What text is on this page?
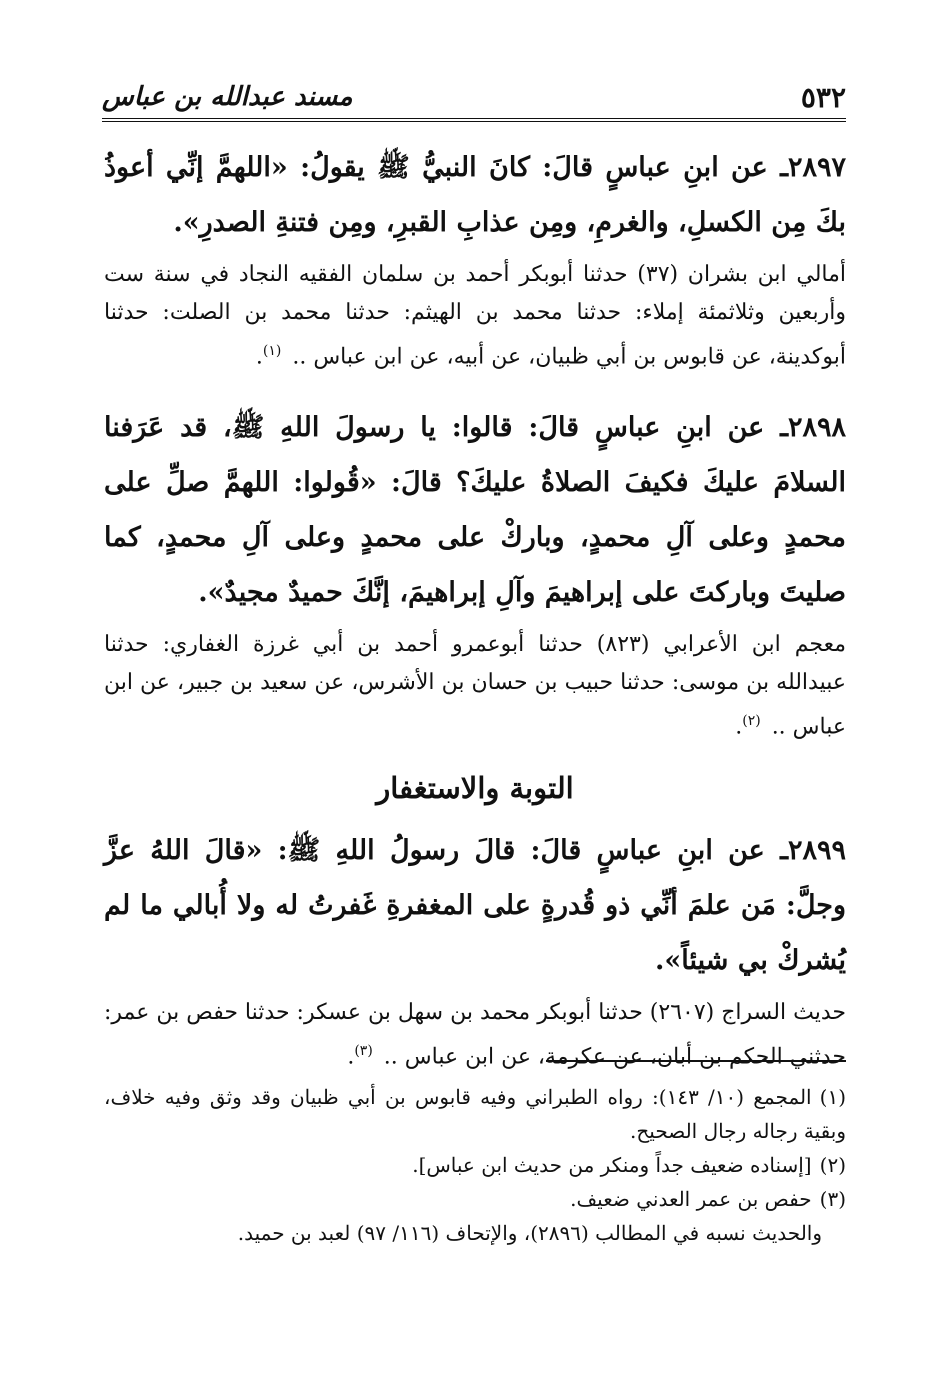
٥٣٢
مسند عبدالله بن عباس

٢٨٩٧ـ عن ابنِ عباسٍ قالَ: كانَ النبيُّ ﷺ يقولُ: «اللهمَّ إنِّي أعوذُ بكَ مِن الكسلِ، والغرمِ، ومِن عذابِ القبرِ، ومِن فتنةِ الصدرِ».

أمالي ابن بشران (٣٧) حدثنا أبوبكر أحمد بن سلمان الفقيه النجاد في سنة ست وأربعين وثلاثمئة إملاء: حدثنا محمد بن الهيثم: حدثنا محمد بن الصلت: حدثنا أبوكدينة، عن قابوس بن أبي ظبيان، عن أبيه، عن ابن عباس .. $^{(١)}$.

٢٨٩٨ـ عن ابنِ عباسٍ قالَ: قالوا: يا رسولَ اللهِ ﷺ، قد عَرَفنا السلامَ عليكَ فكيفَ الصلاةُ عليكَ؟ قالَ: «قُولوا: اللهمَّ صلِّ على محمدٍ وعلى آلِ محمدٍ، وباركْ على محمدٍ وعلى آلِ محمدٍ، كما صليتَ وباركتَ على إبراهيمَ وآلِ إبراهيمَ، إنَّكَ حميدٌ مجيدٌ».

معجم ابن الأعرابي (٨٢٣) حدثنا أبوعمرو أحمد بن أبي غرزة الغفاري: حدثنا عبيدالله بن موسى: حدثنا حبيب بن حسان بن الأشرس، عن سعيد بن جبير، عن ابن عباس .. $^{(٢)}$.

التوبة والاستغفار

٢٨٩٩ـ عن ابنِ عباسٍ قالَ: قالَ رسولُ اللهِ ﷺ: «قالَ اللهُ عزَّ وجلَّ: مَن علمَ أنِّي ذو قُدرةٍ على المغفرةِ غَفرتُ له ولا أُبالي ما لم يُشركْ بي شيئاً».

حديث السراج (٢٦٠٧) حدثنا أبوبكر محمد بن سهل بن عسكر: حدثنا حفص بن عمر: حدثني الحكم بن أبان، عن عكرمة، عن ابن عباس .. $^{(٣)}$.

(١)المجمع (١٠/ ١٤٣): رواه الطبراني وفيه قابوس بن أبي ظبيان وقد وثق وفيه خلاف، وبقية رجاله رجال الصحيح.

(٢)[إسناده ضعيف جداً ومنكر من حديث ابن عباس].

(٣)حفص بن عمر العدني ضعيف.

والحديث نسبه في المطالب (٢٨٩٦)، والإتحاف (١١٦/ ٩٧) لعبد بن حميد.
